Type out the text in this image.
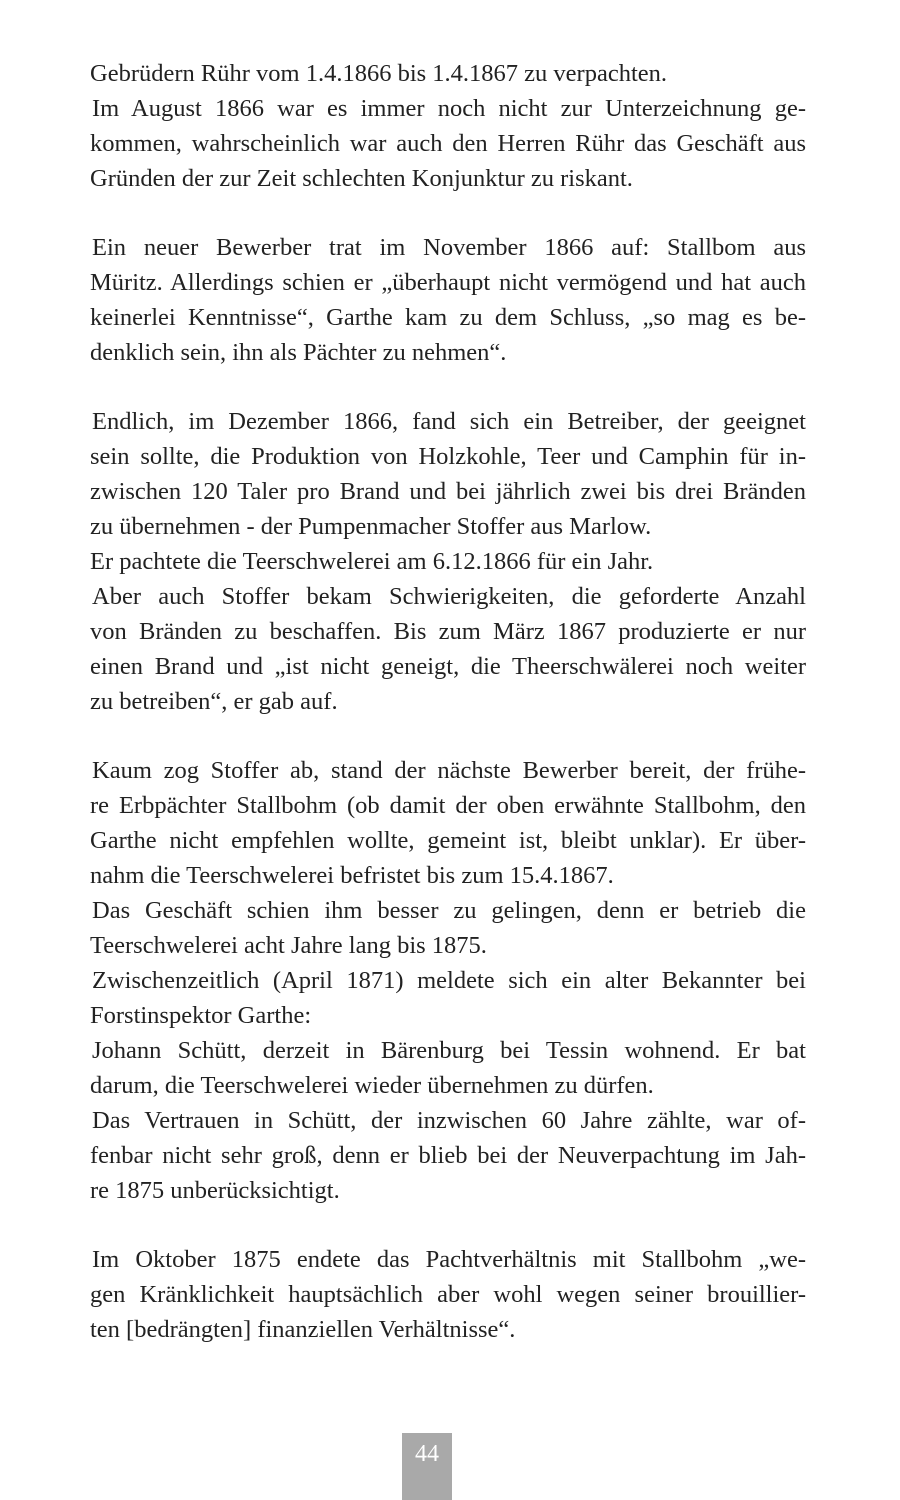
Gebrüdern Rühr vom 1.4.1866 bis 1.4.1867 zu verpachten.
Im August 1866 war es immer noch nicht zur Unterzeichnung ge-
kommen, wahrscheinlich war auch den Herren Rühr das Geschäft aus
Gründen der zur Zeit schlechten Konjunktur zu riskant.
Ein neuer Bewerber trat im November 1866 auf: Stallbom aus
Müritz. Allerdings schien er „überhaupt nicht vermögend und hat auch
keinerlei Kenntnisse“, Garthe kam zu dem Schluss, „so mag es be-
denklich sein, ihn als Pächter zu nehmen“.
Endlich, im Dezember 1866, fand sich ein Betreiber, der geeignet
sein sollte, die Produktion von Holzkohle, Teer und Camphin für in-
zwischen 120 Taler pro Brand und bei jährlich zwei bis drei Bränden
zu übernehmen - der Pumpenmacher Stoffer aus Marlow.
Er pachtete die Teerschwelerei am 6.12.1866 für ein Jahr.
Aber auch Stoffer bekam Schwierigkeiten, die geforderte Anzahl
von Bränden zu beschaffen. Bis zum März 1867 produzierte er nur
einen Brand und „ist nicht geneigt, die Theerschwälerei noch weiter
zu betreiben“, er gab auf.
Kaum zog Stoffer ab, stand der nächste Bewerber bereit, der frühe-
re Erbpächter Stallbohm (ob damit der oben erwähnte Stallbohm, den
Garthe nicht empfehlen wollte, gemeint ist, bleibt unklar). Er über-
nahm die Teerschwelerei befristet bis zum 15.4.1867.
Das Geschäft schien ihm besser zu gelingen, denn er betrieb die
Teerschwelerei acht Jahre lang bis 1875.
Zwischenzeitlich (April 1871) meldete sich ein alter Bekannter bei
Forstinspektor Garthe:
Johann Schütt, derzeit in Bärenburg bei Tessin wohnend. Er bat
darum, die Teerschwelerei wieder übernehmen zu dürfen.
Das Vertrauen in Schütt, der inzwischen 60 Jahre zählte, war of-
fenbar nicht sehr groß, denn er blieb bei der Neuverpachtung im Jah-
re 1875 unberücksichtigt.
Im Oktober 1875 endete das Pachtverhältnis mit Stallbohm „we-
gen Kränklichkeit hauptsächlich aber wohl wegen seiner brouillier-
ten [bedrängten] finanziellen Verhältnisse“.
44
